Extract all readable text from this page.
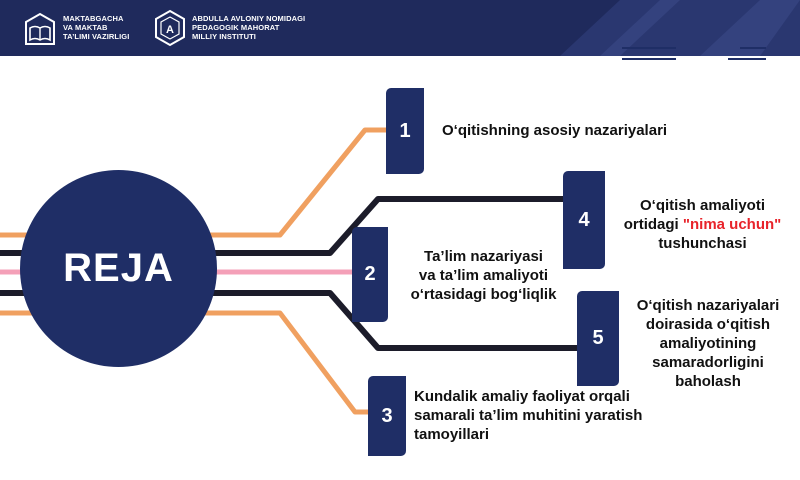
MAKTABGACHA
VA MAKTAB
TA’LIMI VAZIRLIGI
A
ABDULLA AVLONIY NOMIDAGI
PEDAGOGIK MAHORAT
MILLIY INSTITUTI
REJA
1
2
3
4
5
O‘qitishning asosiy nazariyalari
Ta’lim nazariyasi
va ta’lim amaliyoti
o‘rtasidagi bog‘liqlik
Kundalik amaliy faoliyat orqali
samarali ta’lim muhitini yaratish
tamoyillari
O‘qitish amaliyoti
ortidagi "nima uchun"
tushunchasi
O‘qitish nazariyalari
doirasida o‘qitish
amaliyotining
samaradorligini
baholash
